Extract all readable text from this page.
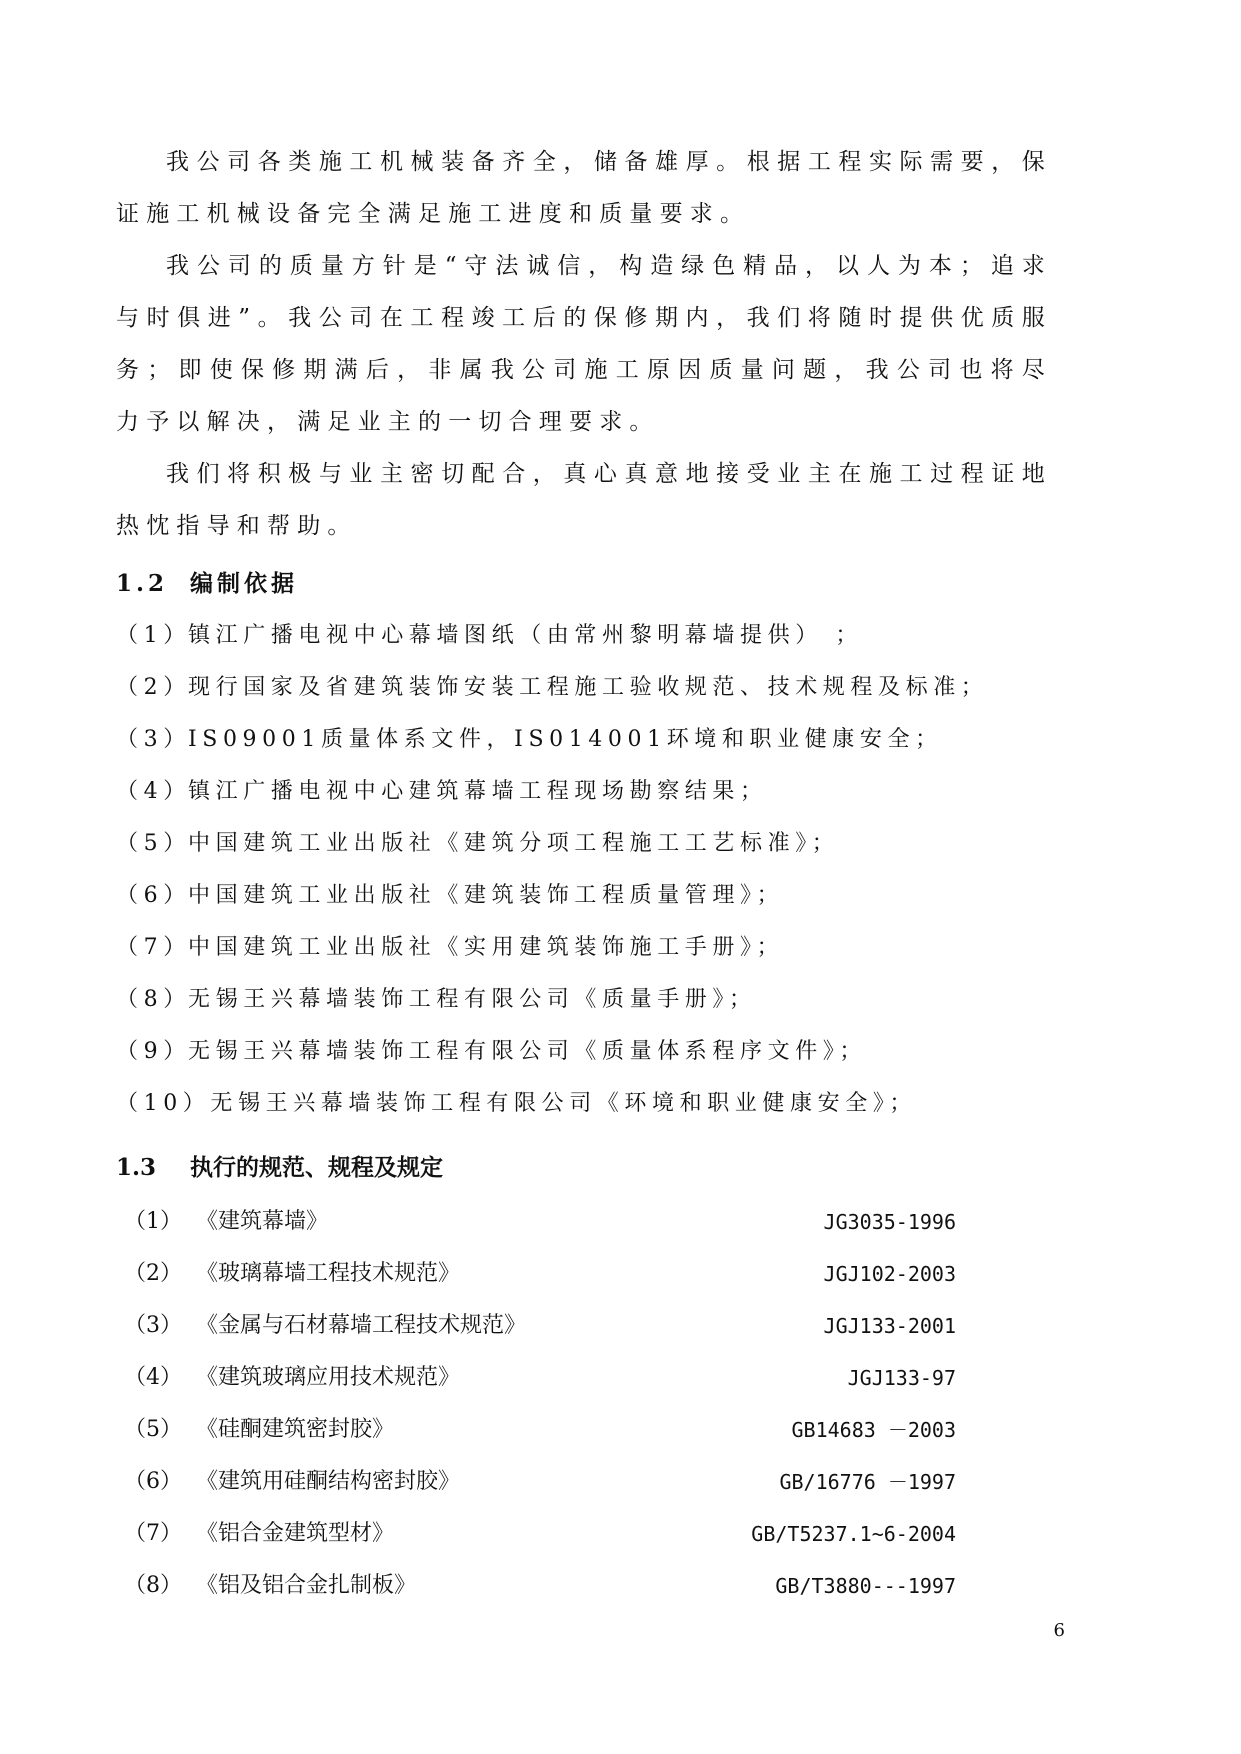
我公司各类施工机械装备齐全，储备雄厚。根据工程实际需要，保证施工机械设备完全满足施工进度和质量要求。

我公司的质量方针是“守法诚信，构造绿色精品，以人为本；追求与时俱进”。我公司在工程竣工后的保修期内，我们将随时提供优质服务；即使保修期满后，非属我公司施工原因质量问题，我公司也将尽力予以解决，满足业主的一切合理要求。

我们将积极与业主密切配合，真心真意地接受业主在施工过程证地热忱指导和帮助。

1.2 编制依据
（1）镇江广播电视中心幕墙图纸（由常州黎明幕墙提供） ；
（2）现行国家及省建筑装饰安装工程施工验收规范、技术规程及标准；
（3）IS09001质量体系文件，IS014001环境和职业健康安全；
（4）镇江广播电视中心建筑幕墙工程现场勘察结果；
（5）中国建筑工业出版社《建筑分项工程施工工艺标准》；
（6）中国建筑工业出版社《建筑装饰工程质量管理》；
（7）中国建筑工业出版社《实用建筑装饰施工手册》；
（8）无锡王兴幕墙装饰工程有限公司《质量手册》；
（9）无锡王兴幕墙装饰工程有限公司《质量体系程序文件》；
（10）无锡王兴幕墙装饰工程有限公司《环境和职业健康安全》；
1.3 执行的规范、规程及规定
（1） 《建筑幕墙》	JG3035-1996
（2） 《玻璃幕墙工程技术规范》	JGJ102-2003
（3） 《金属与石材幕墙工程技术规范》	JGJ133-2001
（4） 《建筑玻璃应用技术规范》	JGJ133-97
（5） 《硅酮建筑密封胶》	GB14683 －2003
（6） 《建筑用硅酮结构密封胶》	GB/16776 －1997
（7） 《铝合金建筑型材》	GB/T5237.1~6-2004
（8） 《铝及铝合金扎制板》	GB/T3880---1997
6
